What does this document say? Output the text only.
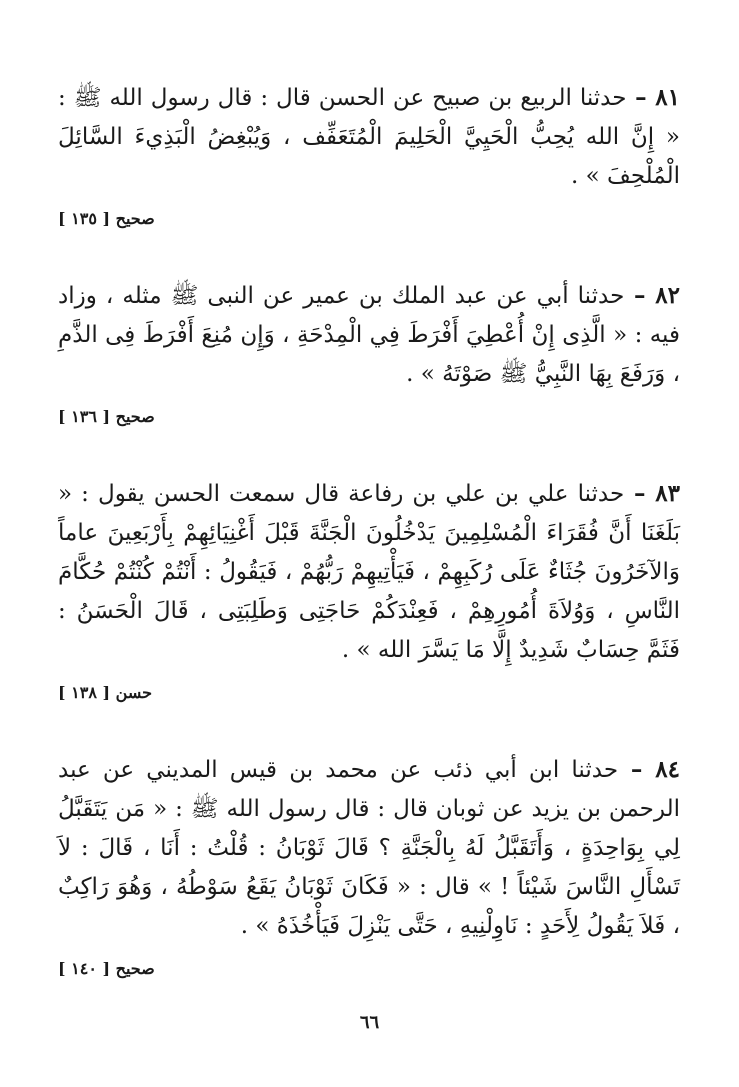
٨١ – حدثنا الربيع بن صبيح عن الحسن قال : قال رسول الله ﷺ : « إِنَّ الله يُحِبُّ الْحَيِيَّ الْحَلِيمَ الْمُتَعَفِّف ، وَيُبْغِضُ الْبَذِيءَ السَّائِلَ الْمُلْحِفَ » .

صحيح [ ١٣٥ ]

٨٢ – حدثنا أبي عن عبد الملك بن عمير عن النبى ﷺ مثله ، وزاد فيه : « الَّذِى إِنْ أُعْطِيَ أَفْرَطَ فِي الْمِدْحَةِ ، وَإِن مُنِعَ أَفْرَطَ فِى الذَّمِ ، وَرَفَعَ بِهَا النَّبِيُّ ﷺ صَوْتَهُ » .

صحيح [ ١٣٦ ]

٨٣ – حدثنا علي بن علي بن رفاعة قال سمعت الحسن يقول : « بَلَغَنَا أَنَّ فُقَرَاءَ الْمُسْلِمِينَ يَدْخُلُونَ الْجَنَّةَ قَبْلَ أَغْنِيَائِهِمْ بِأَرْبَعِينَ عاماً وَالآخَرُونَ جُثَاءٌ عَلَى رُكَبِهِمْ ، فَيَأْتِيهِمْ رَبُّهُمْ ، فَيَقُولُ : أَنْتُمْ كُنْتُمْ حُكَّامَ النَّاسِ ، وَوُلاَةَ أُمُورِهِمْ ، فَعِنْدَكُمْ حَاجَتِى وَطَلِبَتِى ، قَالَ الْحَسَنُ : فَثَمَّ حِسَابٌ شَدِيدٌ إِلَّا مَا يَسَّرَ الله » .

حسن [ ١٣٨ ]

٨٤ – حدثنا ابن أبي ذئب عن محمد بن قيس المديني عن عبد الرحمن بن يزيد عن ثوبان قال : قال رسول الله ﷺ : « مَن يَتَقَبَّلُ لِي بِوَاحِدَةٍ ، وَأَتَقَبَّلُ لَهُ بِالْجَنَّةِ ؟ قَالَ ثَوْبَانُ : قُلْتُ : أَنَا ، قَالَ : لاَ تَسْأَلِ النَّاسَ شَيْئاً ! » قال : « فَكَانَ ثَوْبَانُ يَقَعُ سَوْطُهُ ، وَهُوَ رَاكِبٌ ، فَلاَ يَقُولُ لِأَحَدٍ : نَاوِلْنِيهِ ، حَتَّى يَنْزِلَ فَيَأْخُذَهُ » .

صحيح [ ١٤٠ ]
٦٦
